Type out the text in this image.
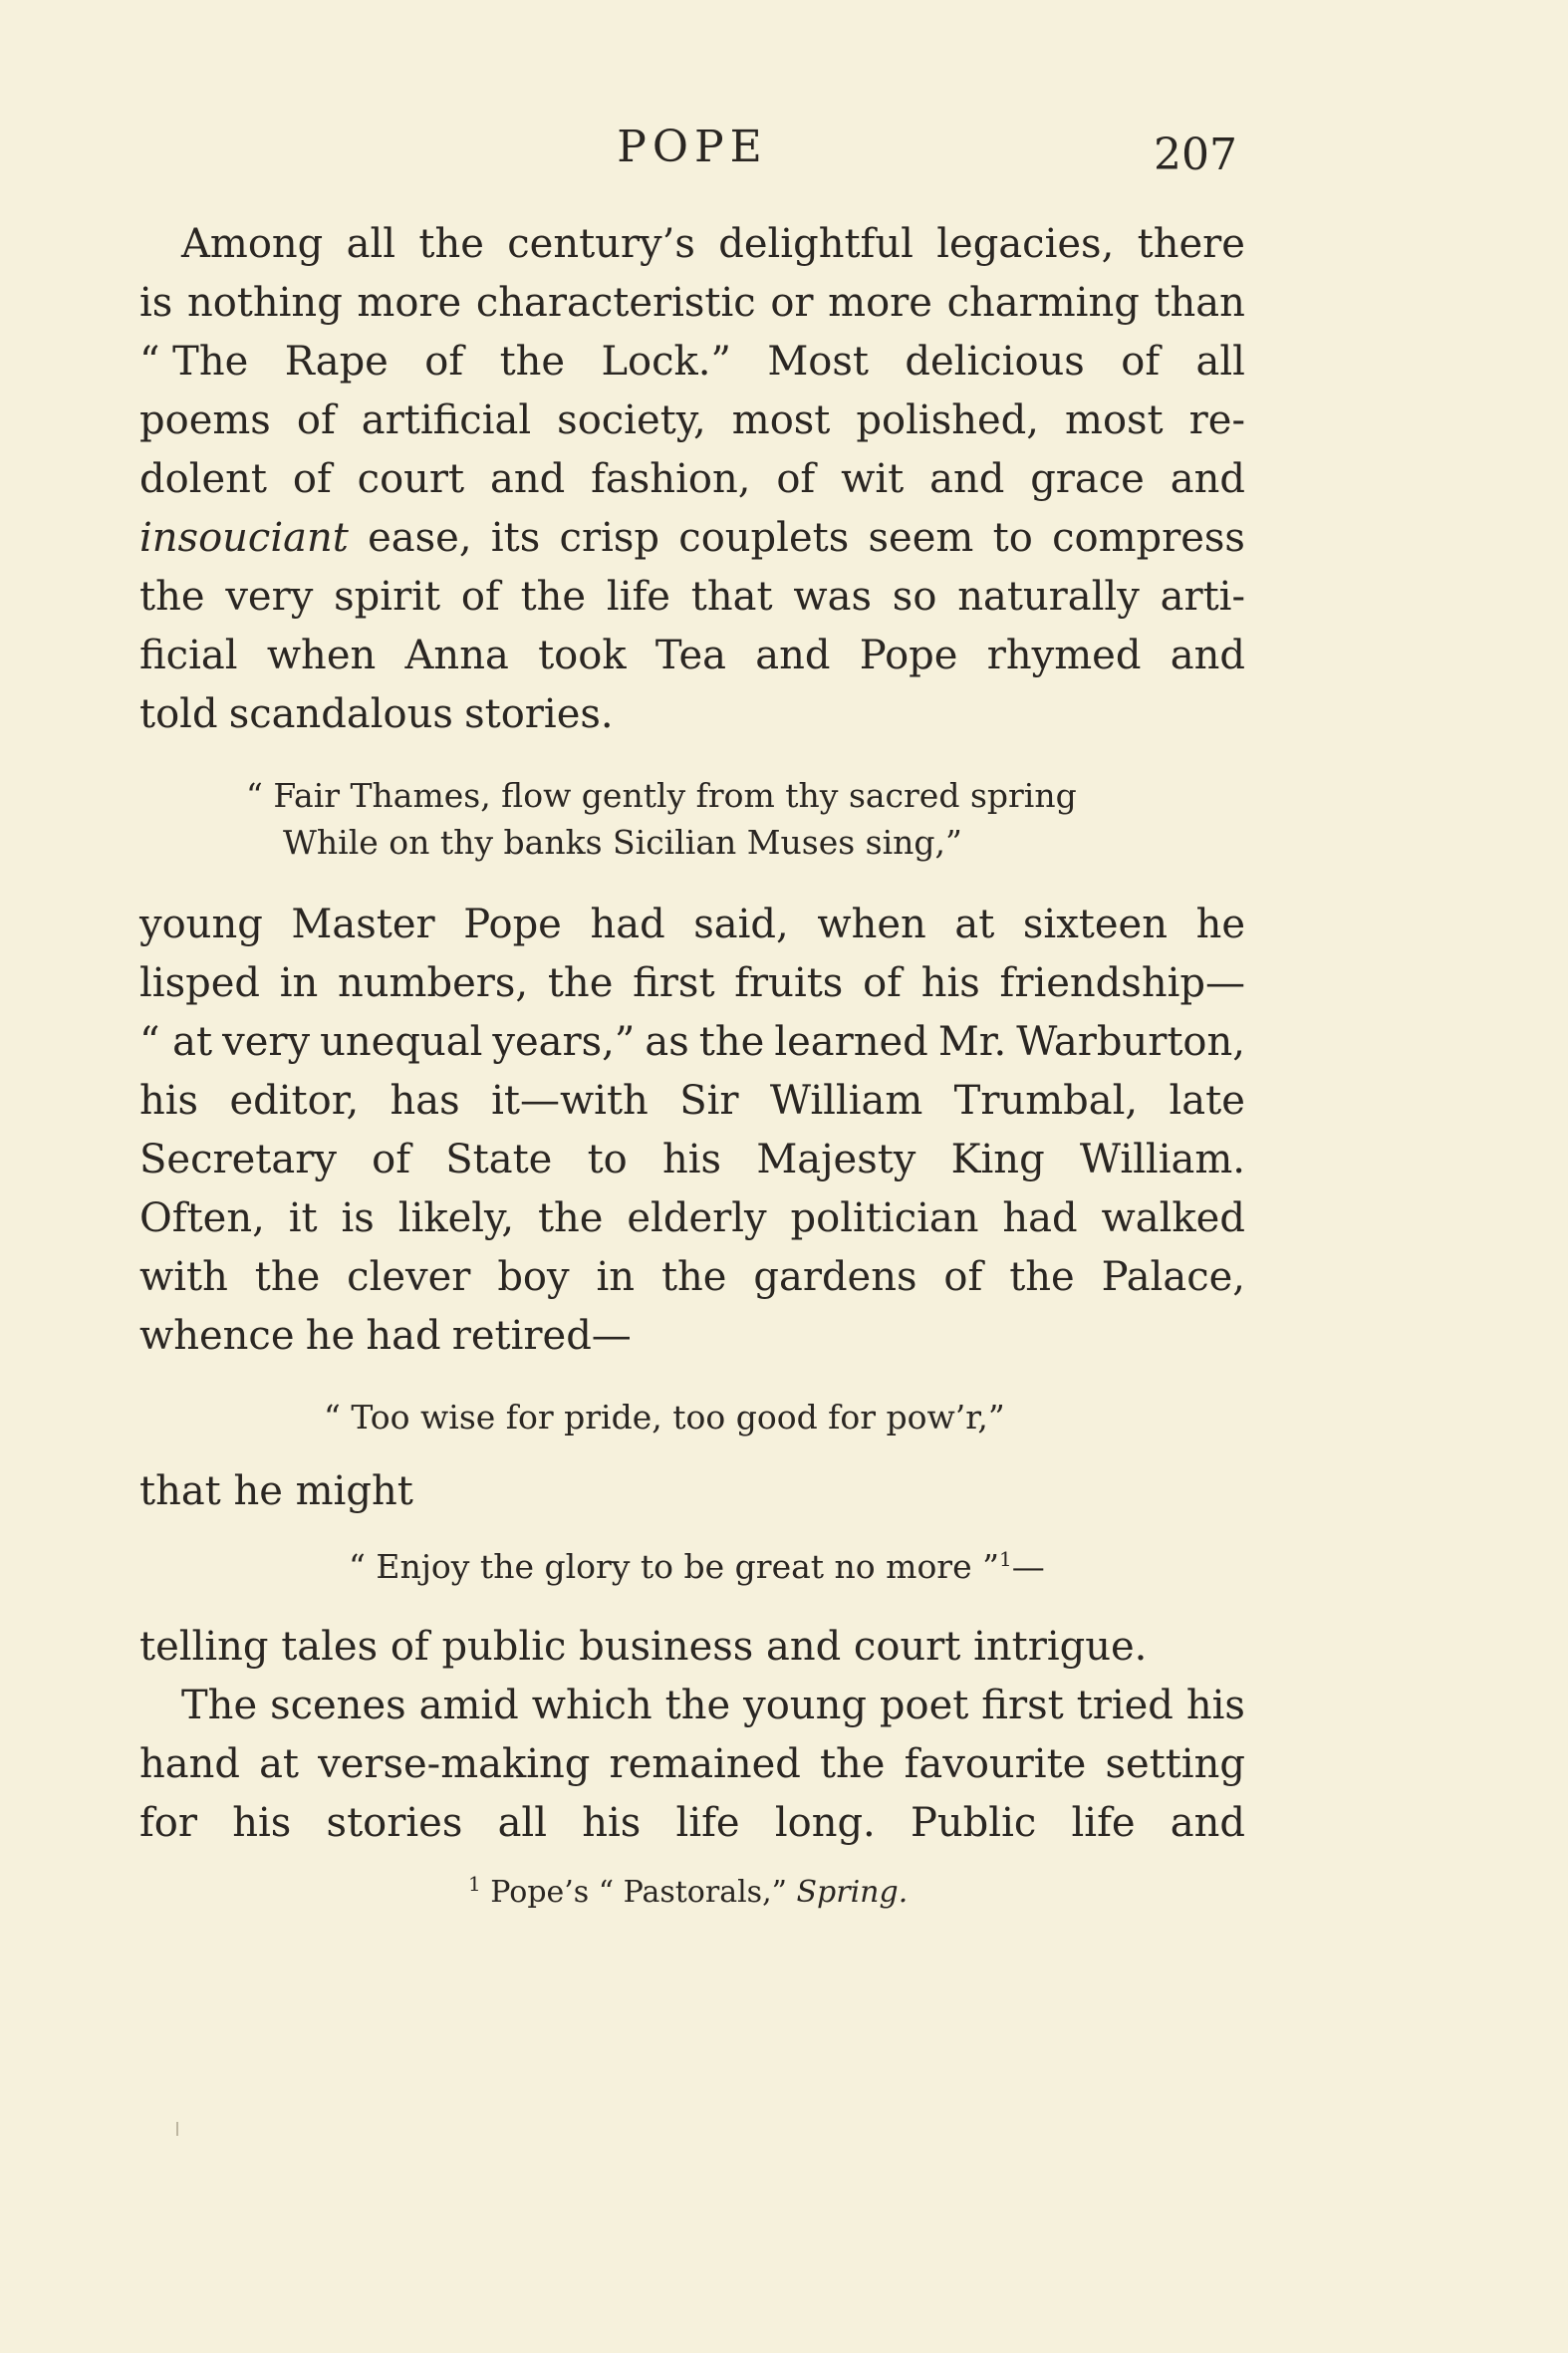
POPE	207
Among all the century’s delightful legacies, there
is nothing more characteristic or more charming than
“ The Rape of the Lock.” Most delicious of all
poems of artificial society, most polished, most re-
dolent of court and fashion, of wit and grace and
insouciant ease, its crisp couplets seem to compress
the very spirit of the life that was so naturally arti-
ficial when Anna took Tea and Pope rhymed and
told scandalous stories.
“ Fair Thames, flow gently from thy sacred spring
While on thy banks Sicilian Muses sing,”
young Master Pope had said, when at sixteen he
lisped in numbers, the first fruits of his friendship—
“ at very unequal years,” as the learned Mr. Warburton,
his editor, has it—with Sir William Trumbal, late
Secretary of State to his Majesty King William.
Often, it is likely, the elderly politician had walked
with the clever boy in the gardens of the Palace,
whence he had retired—
“ Too wise for pride, too good for pow’r,”
that he might
“ Enjoy the glory to be great no more ”$^1$—
telling tales of public business and court intrigue.
The scenes amid which the young poet first tried his
hand at verse-making remained the favourite setting
for his stories all his life long. Public life and
$^1$ Pope’s “ Pastorals,” Spring.
